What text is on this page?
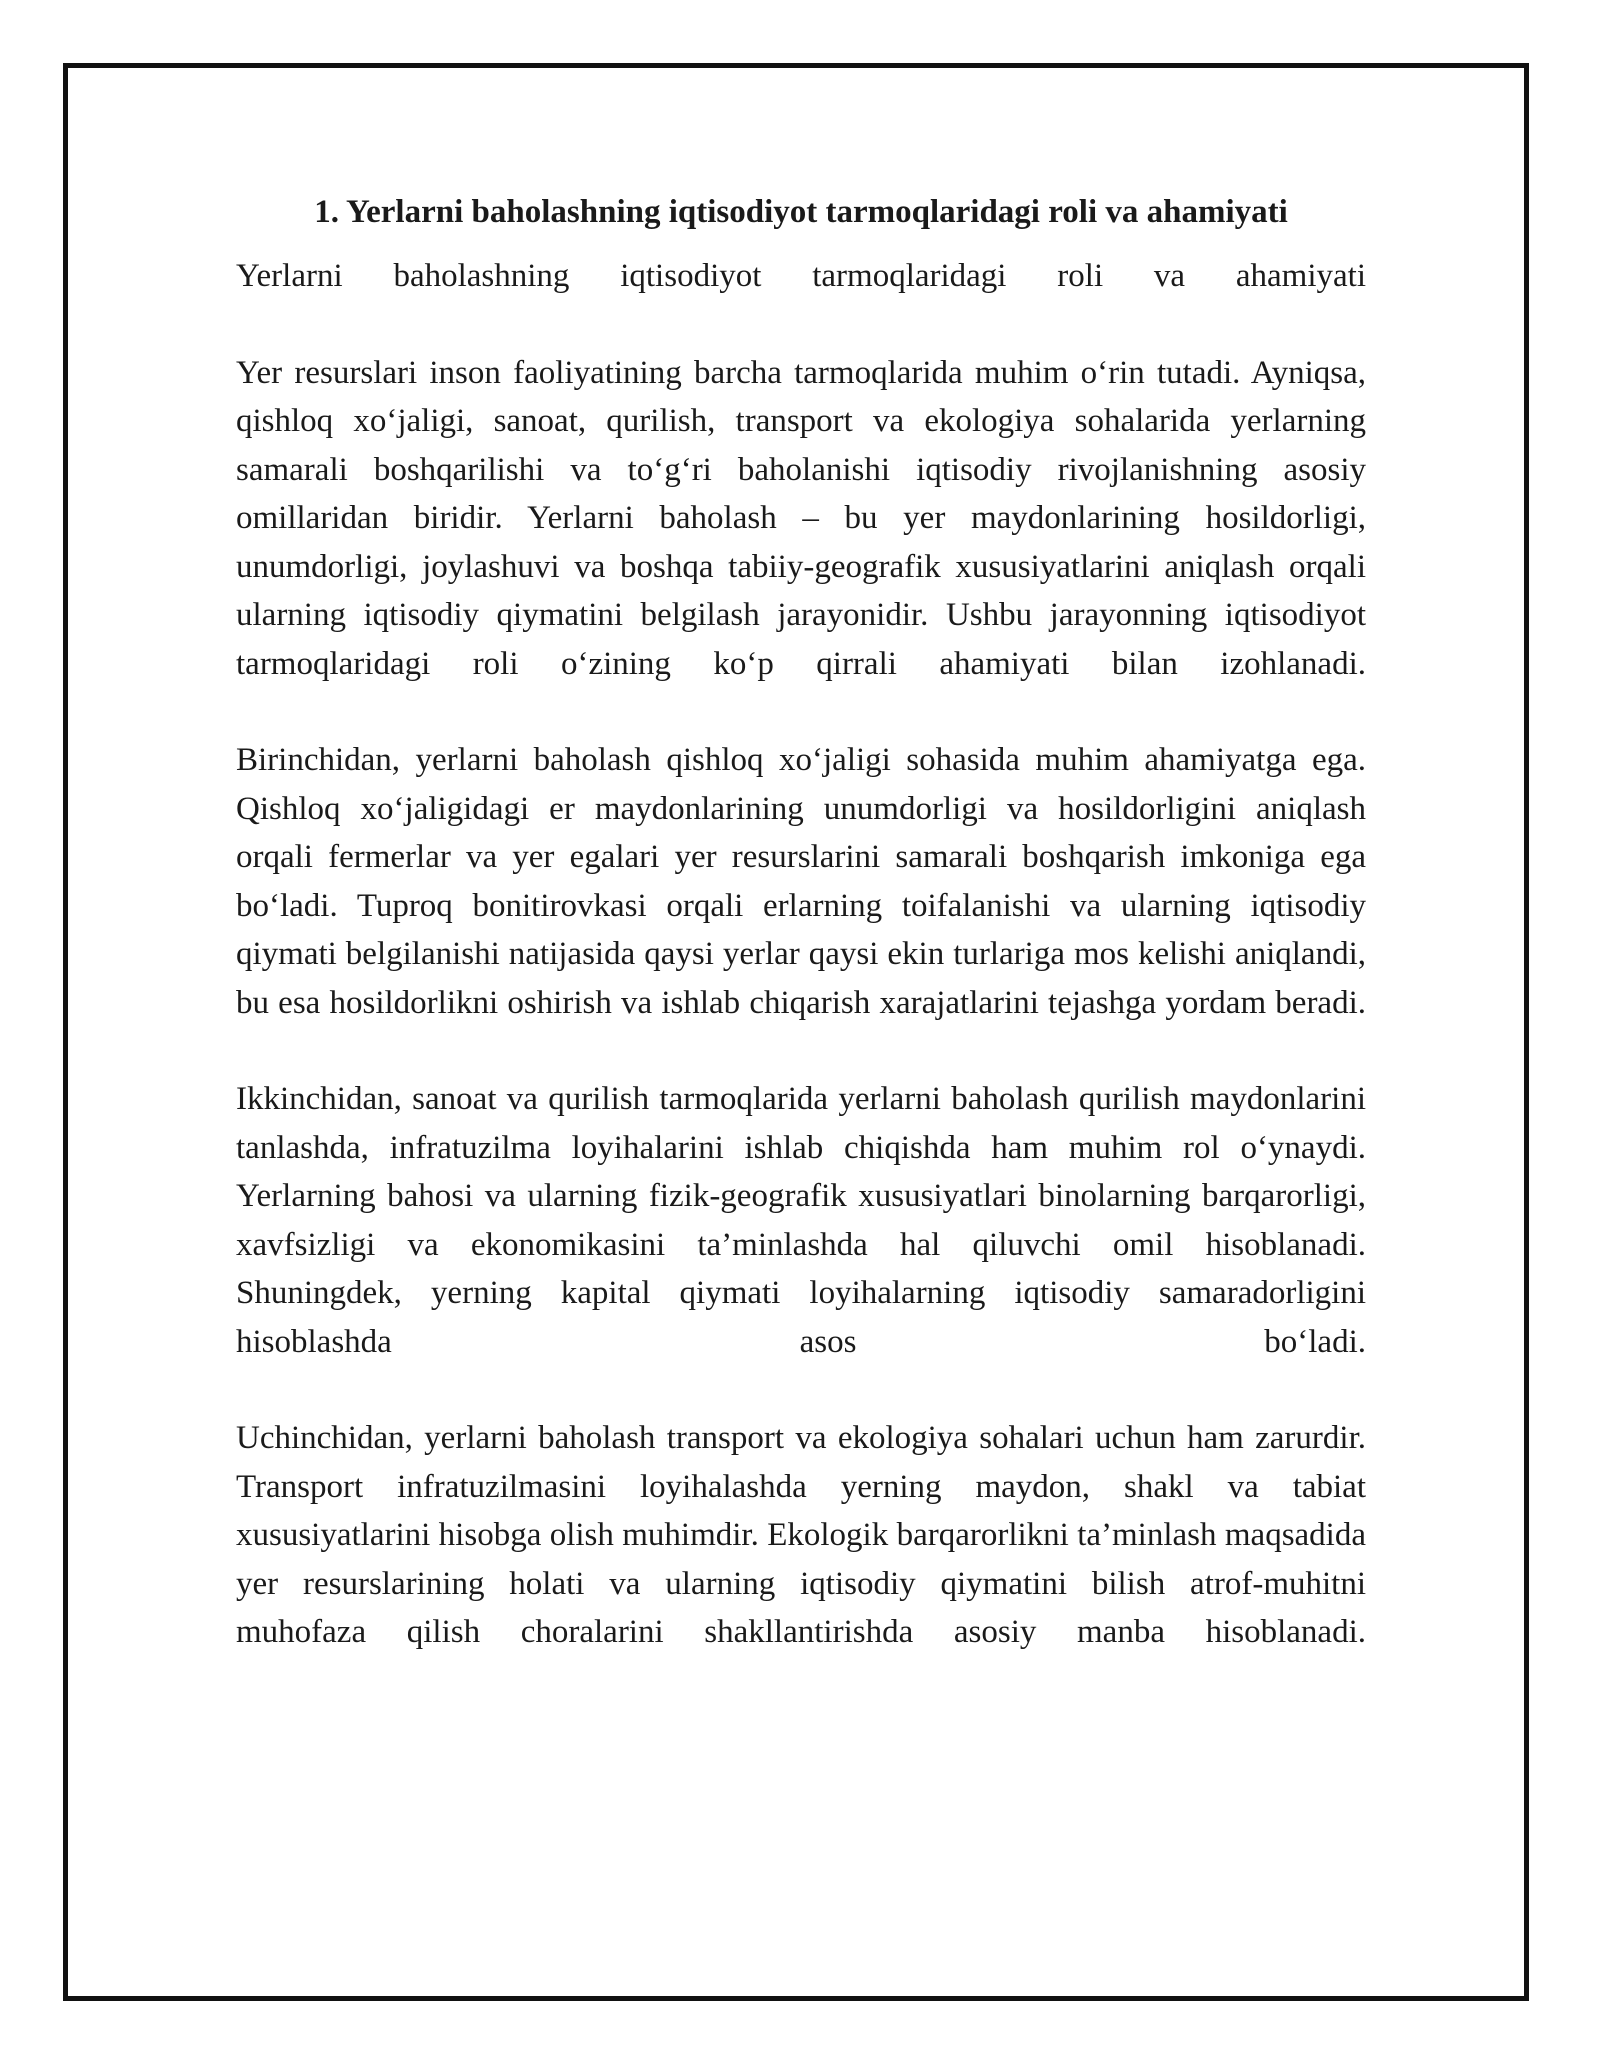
1. Yerlarni baholashning iqtisodiyot tarmoqlaridagi roli va ahamiyati

Yerlarni baholashning iqtisodiyot tarmoqlaridagi roli va ahamiyati

Yer resurslari inson faoliyatining barcha tarmoqlarida muhim o‘rin tutadi. Ayniqsa, qishloq xo‘jaligi, sanoat, qurilish, transport va ekologiya sohalarida yerlarning samarali boshqarilishi va to‘g‘ri baholanishi iqtisodiy rivojlanishning asosiy omillaridan biridir. Yerlarni baholash – bu yer maydonlarining hosildorligi, unumdorligi, joylashuvi va boshqa tabiiy-geografik xususiyatlarini aniqlash orqali ularning iqtisodiy qiymatini belgilash jarayonidir. Ushbu jarayonning iqtisodiyot tarmoqlaridagi roli o‘zining ko‘p qirrali ahamiyati bilan izohlanadi.

Birinchidan, yerlarni baholash qishloq xo‘jaligi sohasida muhim ahamiyatga ega. Qishloq xo‘jaligidagi er maydonlarining unumdorligi va hosildorligini aniqlash orqali fermerlar va yer egalari yer resurslarini samarali boshqarish imkoniga ega bo‘ladi. Tuproq bonitirovkasi orqali erlarning toifalanishi va ularning iqtisodiy qiymati belgilanishi natijasida qaysi yerlar qaysi ekin turlariga mos kelishi aniqlandi, bu esa hosildorlikni oshirish va ishlab chiqarish xarajatlarini tejashga yordam beradi.

Ikkinchidan, sanoat va qurilish tarmoqlarida yerlarni baholash qurilish maydonlarini tanlashda, infratuzilma loyihalarini ishlab chiqishda ham muhim rol o‘ynaydi. Yerlarning bahosi va ularning fizik-geografik xususiyatlari binolarning barqarorligi, xavfsizligi va ekonomikasini ta’minlashda hal qiluvchi omil hisoblanadi. Shuningdek, yerning kapital qiymati loyihalarning iqtisodiy samaradorligini hisoblashda asos bo‘ladi.

Uchinchidan, yerlarni baholash transport va ekologiya sohalari uchun ham zarurdir. Transport infratuzilmasini loyihalashda yerning maydon, shakl va tabiat xususiyatlarini hisobga olish muhimdir. Ekologik barqarorlikni ta’minlash maqsadida yer resurslarining holati va ularning iqtisodiy qiymatini bilish atrof-muhitni muhofaza qilish choralarini shakllantirishda asosiy manba hisoblanadi.
